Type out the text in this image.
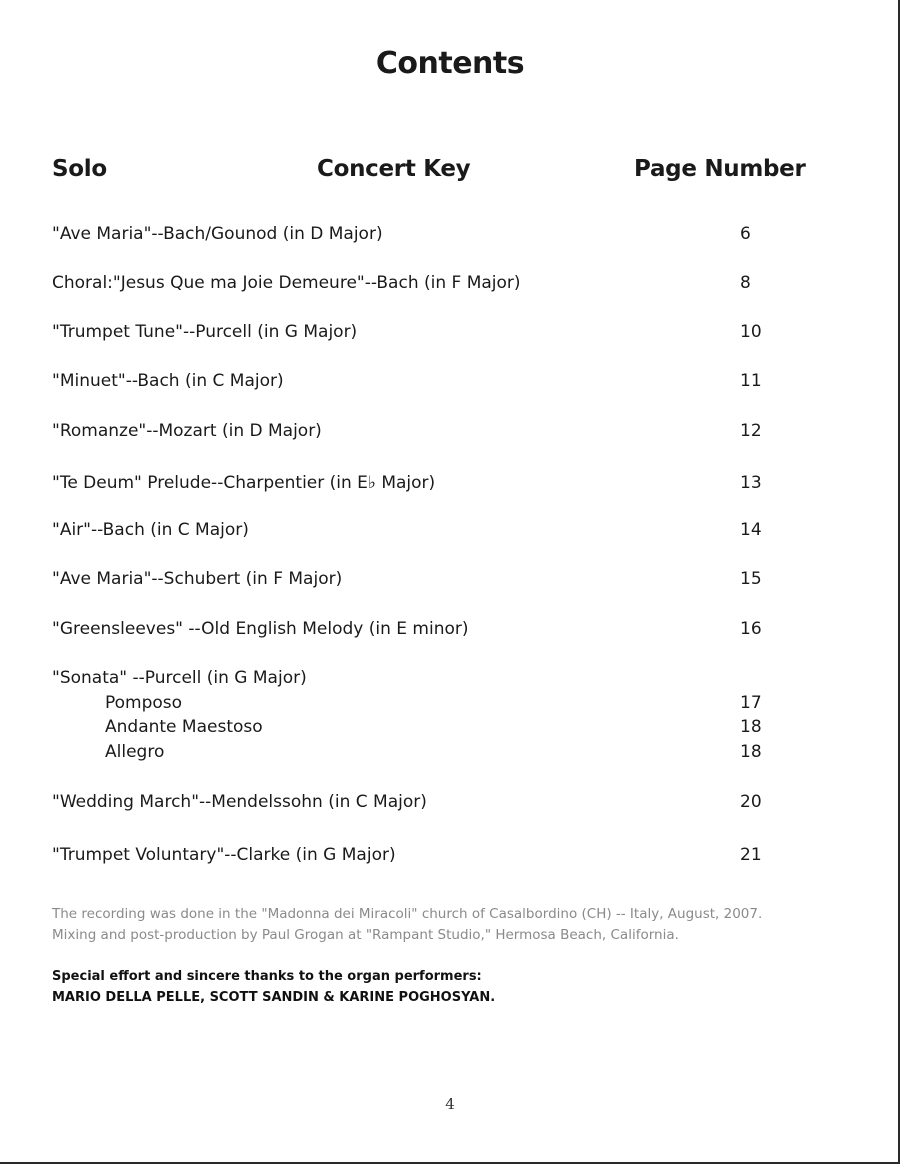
Contents
Solo	Concert Key	Page Number
"Ave Maria"--Bach/Gounod (in D Major)	6
Choral:"Jesus Que ma Joie Demeure"--Bach (in F Major)	8
"Trumpet Tune"--Purcell (in G Major)	10
"Minuet"--Bach (in C Major)	11
"Romanze"--Mozart (in D Major)	12
"Te Deum" Prelude--Charpentier (in E♭ Major)	13
"Air"--Bach (in C Major)	14
"Ave Maria"--Schubert (in F Major)	15
"Greensleeves" --Old English Melody (in E minor)	16
"Sonata" --Purcell (in G Major)
Pomposo	17
Andante Maestoso	18
Allegro	18
"Wedding March"--Mendelssohn (in C Major)	20
"Trumpet Voluntary"--Clarke (in G Major)	21
The recording was done in the "Madonna dei Miracoli" church of Casalbordino (CH) -- Italy, August, 2007.
Mixing and post-production by Paul Grogan at "Rampant Studio," Hermosa Beach, California.
Special effort and sincere thanks to the organ performers:
MARIO DELLA PELLE, SCOTT SANDIN & KARINE POGHOSYAN.
4
